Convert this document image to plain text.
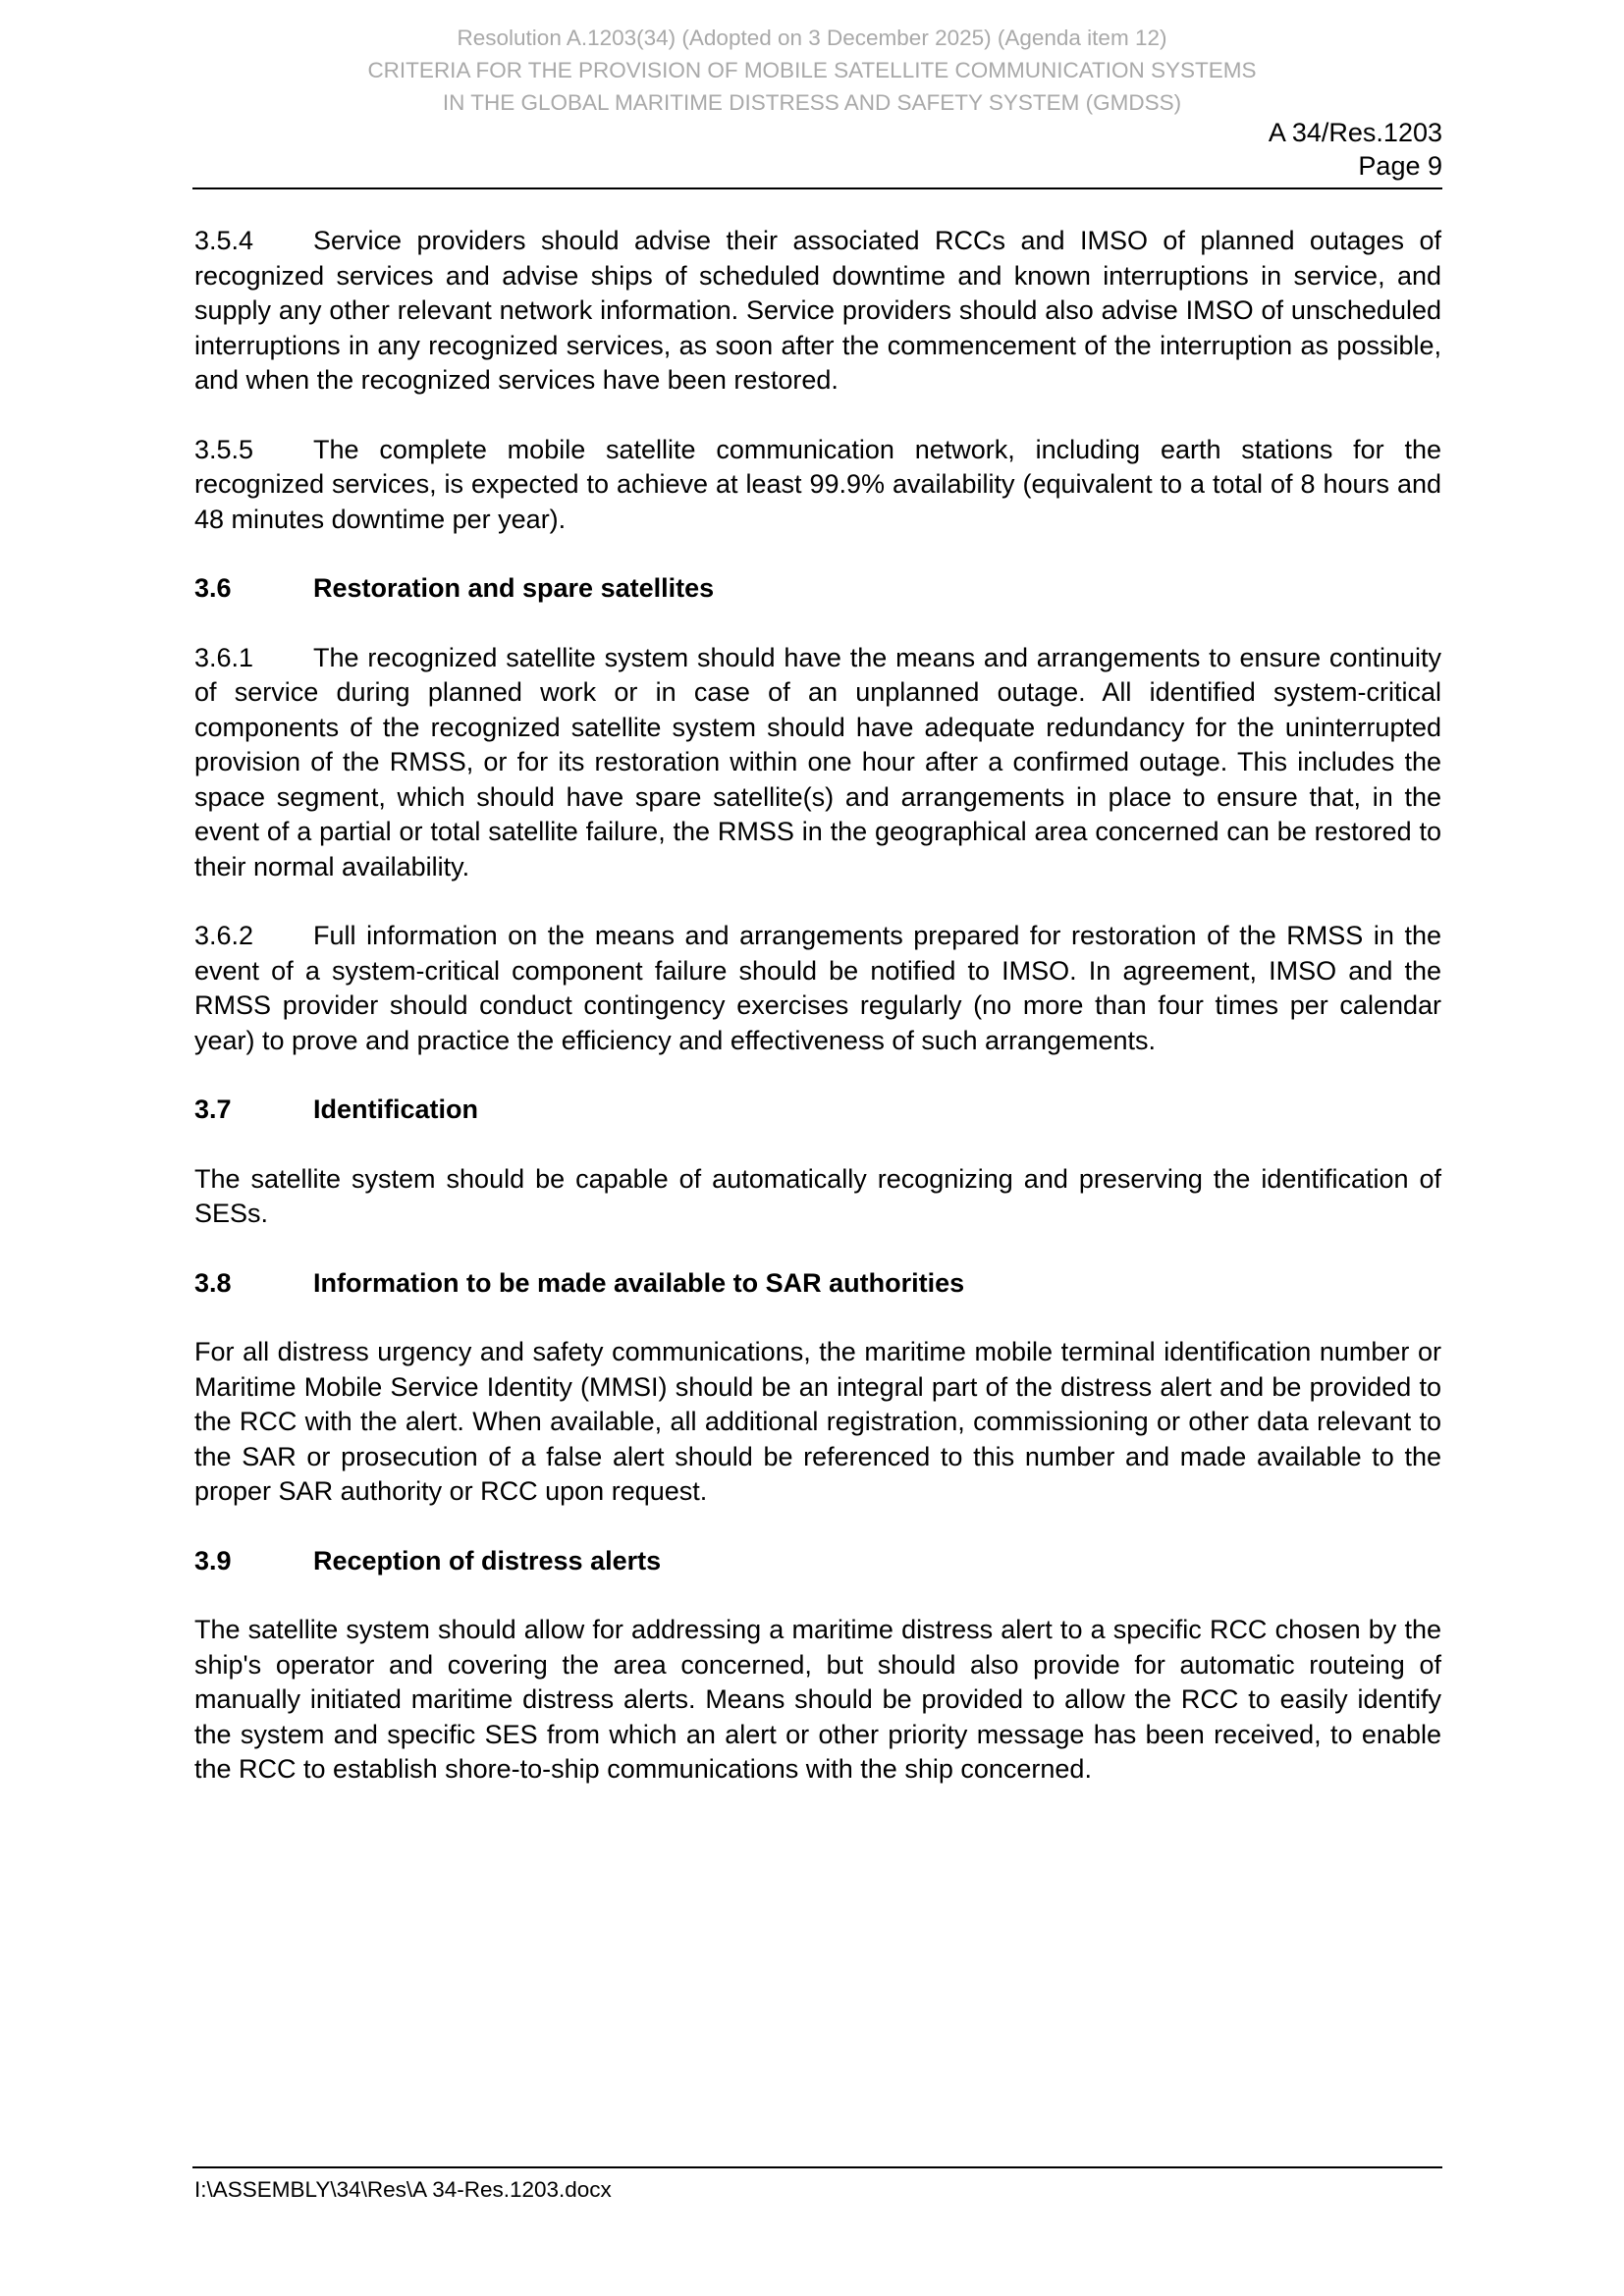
Resolution A.1203(34) (Adopted on 3 December 2025) (Agenda item 12)
CRITERIA FOR THE PROVISION OF MOBILE SATELLITE COMMUNICATION SYSTEMS
IN THE GLOBAL MARITIME DISTRESS AND SAFETY SYSTEM (GMDSS)
A 34/Res.1203
Page 9

3.5.4 Service providers should advise their associated RCCs and IMSO of planned outages of recognized services and advise ships of scheduled downtime and known interruptions in service, and supply any other relevant network information. Service providers should also advise IMSO of unscheduled interruptions in any recognized services, as soon after the commencement of the interruption as possible, and when the recognized services have been restored.

3.5.5 The complete mobile satellite communication network, including earth stations for the recognized services, is expected to achieve at least 99.9% availability (equivalent to a total of 8 hours and 48 minutes downtime per year).

3.6	Restoration and spare satellites

3.6.1 The recognized satellite system should have the means and arrangements to ensure continuity of service during planned work or in case of an unplanned outage. All identified system-critical components of the recognized satellite system should have adequate redundancy for the uninterrupted provision of the RMSS, or for its restoration within one hour after a confirmed outage. This includes the space segment, which should have spare satellite(s) and arrangements in place to ensure that, in the event of a partial or total satellite failure, the RMSS in the geographical area concerned can be restored to their normal availability.

3.6.2 Full information on the means and arrangements prepared for restoration of the RMSS in the event of a system-critical component failure should be notified to IMSO. In agreement, IMSO and the RMSS provider should conduct contingency exercises regularly (no more than four times per calendar year) to prove and practice the efficiency and effectiveness of such arrangements.

3.7	Identification

The satellite system should be capable of automatically recognizing and preserving the identification of SESs.

3.8	Information to be made available to SAR authorities

For all distress urgency and safety communications, the maritime mobile terminal identification number or Maritime Mobile Service Identity (MMSI) should be an integral part of the distress alert and be provided to the RCC with the alert. When available, all additional registration, commissioning or other data relevant to the SAR or prosecution of a false alert should be referenced to this number and made available to the proper SAR authority or RCC upon request.

3.9	Reception of distress alerts

The satellite system should allow for addressing a maritime distress alert to a specific RCC chosen by the ship's operator and covering the area concerned, but should also provide for automatic routeing of manually initiated maritime distress alerts. Means should be provided to allow the RCC to easily identify the system and specific SES from which an alert or other priority message has been received, to enable the RCC to establish shore-to-ship communications with the ship concerned.

I:\ASSEMBLY\34\Res\A 34-Res.1203.docx
